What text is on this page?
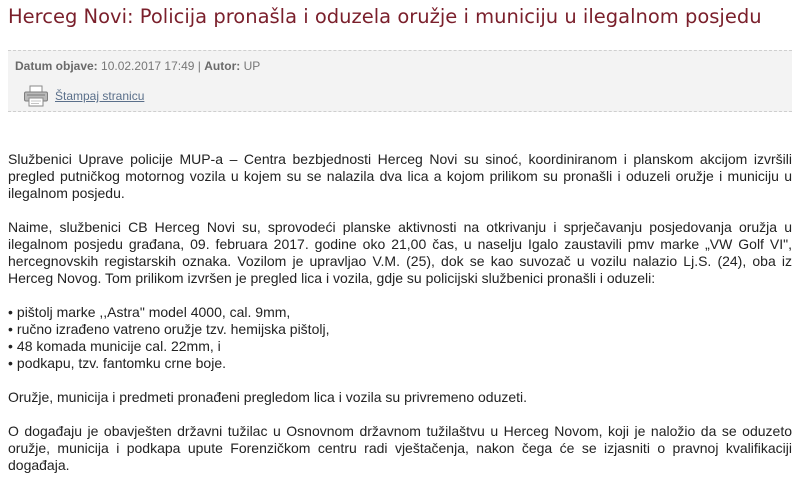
Herceg Novi: Policija pronašla i oduzela oružje i municiju u ilegalnom posjedu
Datum objave: 10.02.2017 17:49 | Autor: UP
Štampaj stranicu

Službenici Uprave policije MUP-a – Centra bezbjednosti Herceg Novi su sinoć, koordiniranom i planskom akcijom izvršili pregled putničkog motornog vozila u kojem su se nalazila dva lica a kojom prilikom su pronašli i oduzeli oružje i municiju u ilegalnom posjedu.

Naime, službenici CB Herceg Novi su, sprovodeći planske aktivnosti na otkrivanju i sprječavanju posjedovanja oružja u ilegalnom posjedu građana, 09. februara 2017. godine oko 21,00 čas, u naselju Igalo zaustavili pmv marke „VW Golf VI", hercegnovskih registarskih oznaka. Vozilom je upravljao V.M. (25), dok se kao suvozač u vozilu nalazio Lj.S. (24), oba iz Herceg Novog. Tom prilikom izvršen je pregled lica i vozila, gdje su policijski službenici pronašli i oduzeli:

• pištolj marke ,,Astra" model 4000, cal. 9mm,
• ručno izrađeno vatreno oružje tzv. hemijska pištolj,
• 48 komada municije cal. 22mm, i
• podkapu, tzv. fantomku crne boje.

Oružje, municija i predmeti pronađeni pregledom lica i vozila su privremeno oduzeti.

O događaju je obavješten državni tužilac u Osnovnom državnom tužilaštvu u Herceg Novom, koji je naložio da se oduzeto oružje, municija i podkapa upute Forenzičkom centru radi vještačenja, nakon čega će se izjasniti o pravnoj kvalifikaciji događaja.
